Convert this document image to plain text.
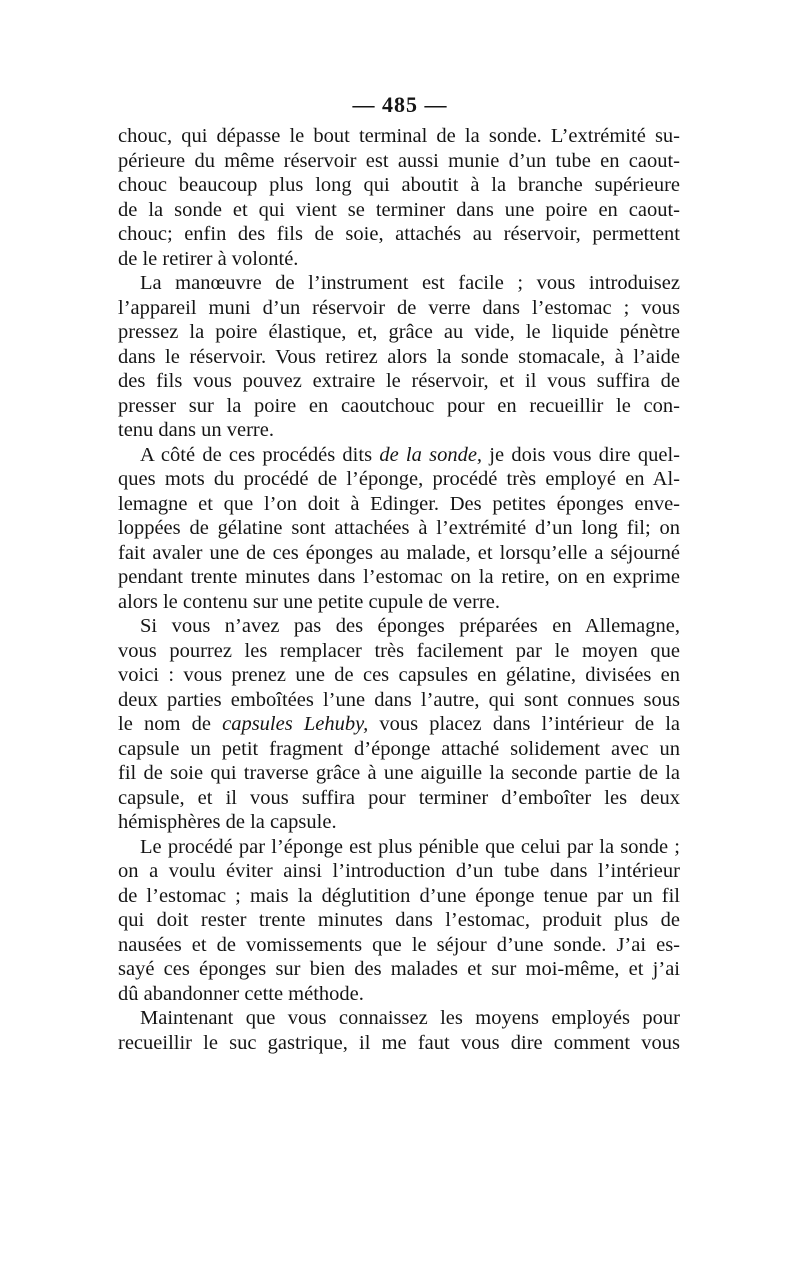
— 485 —
chouc, qui dépasse le bout terminal de la sonde. L’extrémité su-
périeure du même réservoir est aussi munie d’un tube en caout-
chouc beaucoup plus long qui aboutit à la branche supérieure
de la sonde et qui vient se terminer dans une poire en caout-
chouc; enfin des fils de soie, attachés au réservoir, permettent
de le retirer à volonté.
La manœuvre de l’instrument est facile ; vous introduisez
l’appareil muni d’un réservoir de verre dans l’estomac ; vous
pressez la poire élastique, et, grâce au vide, le liquide pénètre
dans le réservoir. Vous retirez alors la sonde stomacale, à l’aide
des fils vous pouvez extraire le réservoir, et il vous suffira de
presser sur la poire en caoutchouc pour en recueillir le con-
tenu dans un verre.
A côté de ces procédés dits de la sonde, je dois vous dire quel-
ques mots du procédé de l’éponge, procédé très employé en Al-
lemagne et que l’on doit à Edinger. Des petites éponges enve-
loppées de gélatine sont attachées à l’extrémité d’un long fil; on
fait avaler une de ces éponges au malade, et lorsqu’elle a séjourné
pendant trente minutes dans l’estomac on la retire, on en exprime
alors le contenu sur une petite cupule de verre.
Si vous n’avez pas des éponges préparées en Allemagne,
vous pourrez les remplacer très facilement par le moyen que
voici : vous prenez une de ces capsules en gélatine, divisées en
deux parties emboîtées l’une dans l’autre, qui sont connues sous
le nom de capsules Lehuby, vous placez dans l’intérieur de la
capsule un petit fragment d’éponge attaché solidement avec un
fil de soie qui traverse grâce à une aiguille la seconde partie de la
capsule, et il vous suffira pour terminer d’emboîter les deux
hémisphères de la capsule.
Le procédé par l’éponge est plus pénible que celui par la sonde ;
on a voulu éviter ainsi l’introduction d’un tube dans l’intérieur
de l’estomac ; mais la déglutition d’une éponge tenue par un fil
qui doit rester trente minutes dans l’estomac, produit plus de
nausées et de vomissements que le séjour d’une sonde. J’ai es-
sayé ces éponges sur bien des malades et sur moi-même, et j’ai
dû abandonner cette méthode.
Maintenant que vous connaissez les moyens employés pour
recueillir le suc gastrique, il me faut vous dire comment vous
